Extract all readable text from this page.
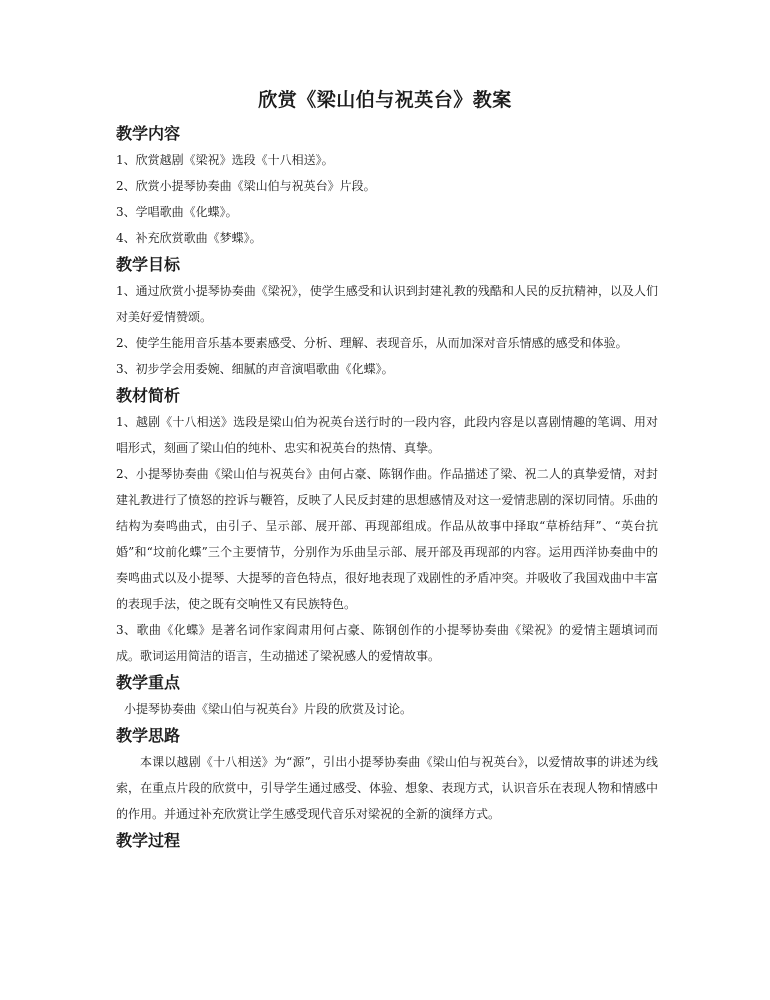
欣赏《梁山伯与祝英台》教案
教学内容

1、欣赏越剧《梁祝》选段《十八相送》。

2、欣赏小提琴协奏曲《梁山伯与祝英台》片段。

3、学唱歌曲《化蝶》。

4、补充欣赏歌曲《梦蝶》。

教学目标

1、通过欣赏小提琴协奏曲《梁祝》，使学生感受和认识到封建礼教的残酷和人民的反抗精神，以及人们对美好爱情赞颂。

2、使学生能用音乐基本要素感受、分析、理解、表现音乐，从而加深对音乐情感的感受和体验。

3、初步学会用委婉、细腻的声音演唱歌曲《化蝶》。

教材简析

1、越剧《十八相送》选段是梁山伯为祝英台送行时的一段内容，此段内容是以喜剧情趣的笔调、用对唱形式，刻画了梁山伯的纯朴、忠实和祝英台的热情、真挚。

2、小提琴协奏曲《梁山伯与祝英台》由何占豪、陈钢作曲。作品描述了梁、祝二人的真挚爱情，对封建礼教进行了愤怒的控诉与鞭笞，反映了人民反封建的思想感情及对这一爱情悲剧的深切同情。乐曲的结构为奏鸣曲式，由引子、呈示部、展开部、再现部组成。作品从故事中择取“草桥结拜”、“英台抗婚”和“坟前化蝶”三个主要情节，分别作为乐曲呈示部、展开部及再现部的内容。运用西洋协奏曲中的奏鸣曲式以及小提琴、大提琴的音色特点，很好地表现了戏剧性的矛盾冲突。并吸收了我国戏曲中丰富的表现手法，使之既有交响性又有民族特色。

3、歌曲《化蝶》是著名词作家阎肃用何占豪、陈钢创作的小提琴协奏曲《梁祝》的爱情主题填词而成。歌词运用简洁的语言，生动描述了梁祝感人的爱情故事。

教学重点

小提琴协奏曲《梁山伯与祝英台》片段的欣赏及讨论。

教学思路

本课以越剧《十八相送》为“源”，引出小提琴协奏曲《梁山伯与祝英台》，以爱情故事的讲述为线索，在重点片段的欣赏中，引导学生通过感受、体验、想象、表现方式，认识音乐在表现人物和情感中的作用。并通过补充欣赏让学生感受现代音乐对梁祝的全新的演绎方式。

教学过程
